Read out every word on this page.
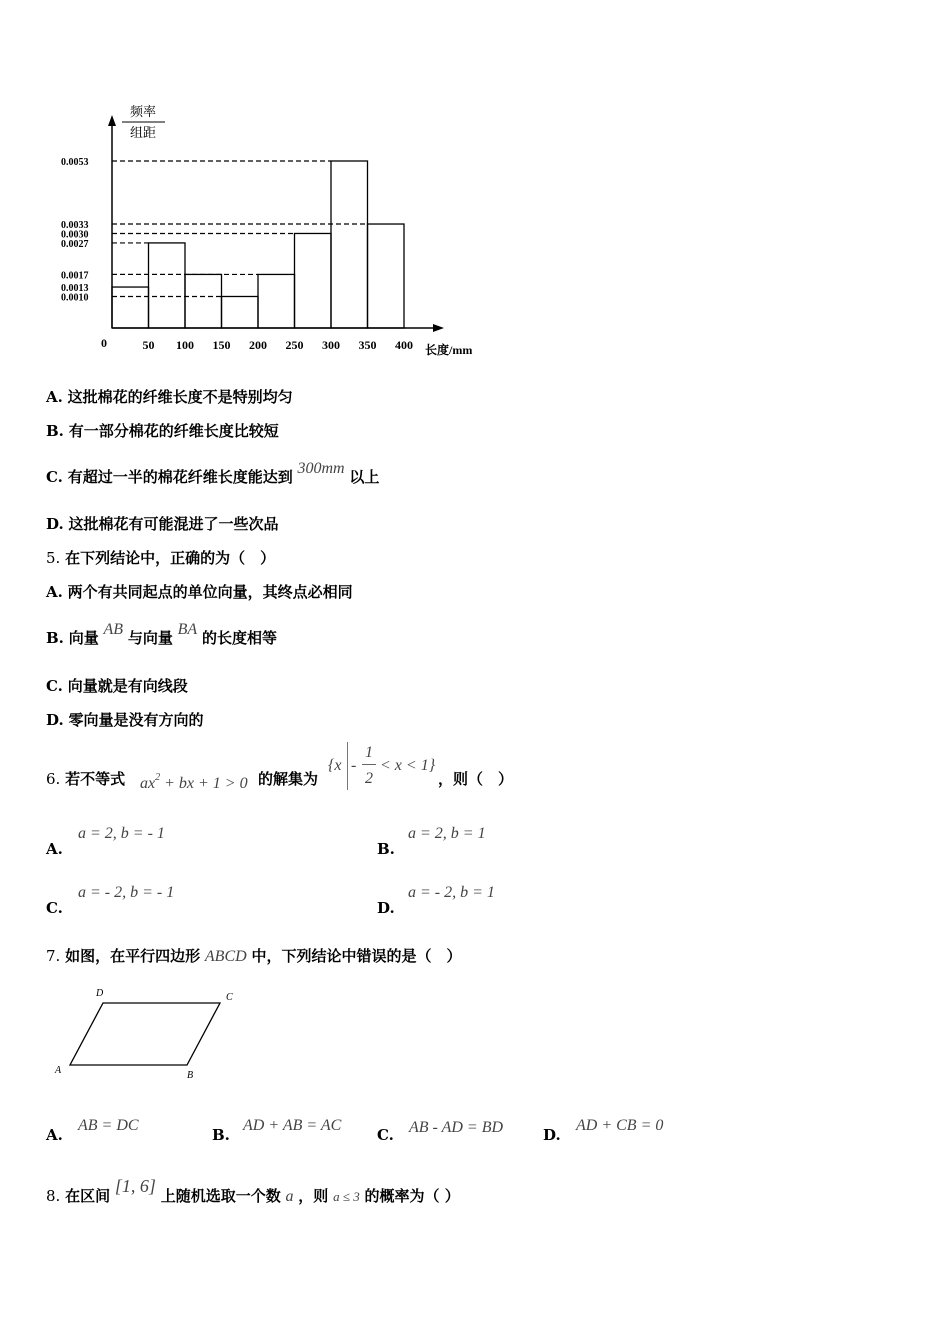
0.0053
0.0033
0.0030
0.0027
0.0017
0.0013
0.0010
50 100 150 200 250 300 350 400
0	长度/mm
频率
组距
A. 这批棉花的纤维长度不是特别均匀
B. 有一部分棉花的纤维长度比较短
C. 有超过一半的棉花纤维长度能达到 300mm 以上
D. 这批棉花有可能混进了一些次品
5. 在下列结论中，正确的为（　）
A. 两个有共同起点的单位向量，其终点必相同
B. 向量 AB 与向量 BA 的长度相等
C. 向量就是有向线段
D. 零向量是没有方向的
6. 若不等式 $ax^2$ + bx + 1 > 0 的解集为
{x -
1
2
< x < 1}
，则（　）
A.
a = 2, b = - 1
B.
a = 2, b = 1
C.
a = - 2, b = - 1
D.
a = - 2, b = 1
7. 如图，在平行四边形 ABCD 中，下列结论中错误的是（　）
A	B
C
D
A.
AB = DC
B.
AD + AB = AC
C. AB - AD = BD	D.
AD + CB = 0
8. 在区间 [1, 6] 上随机选取一个数 a ，则 a ≤ 3 的概率为（ ）
